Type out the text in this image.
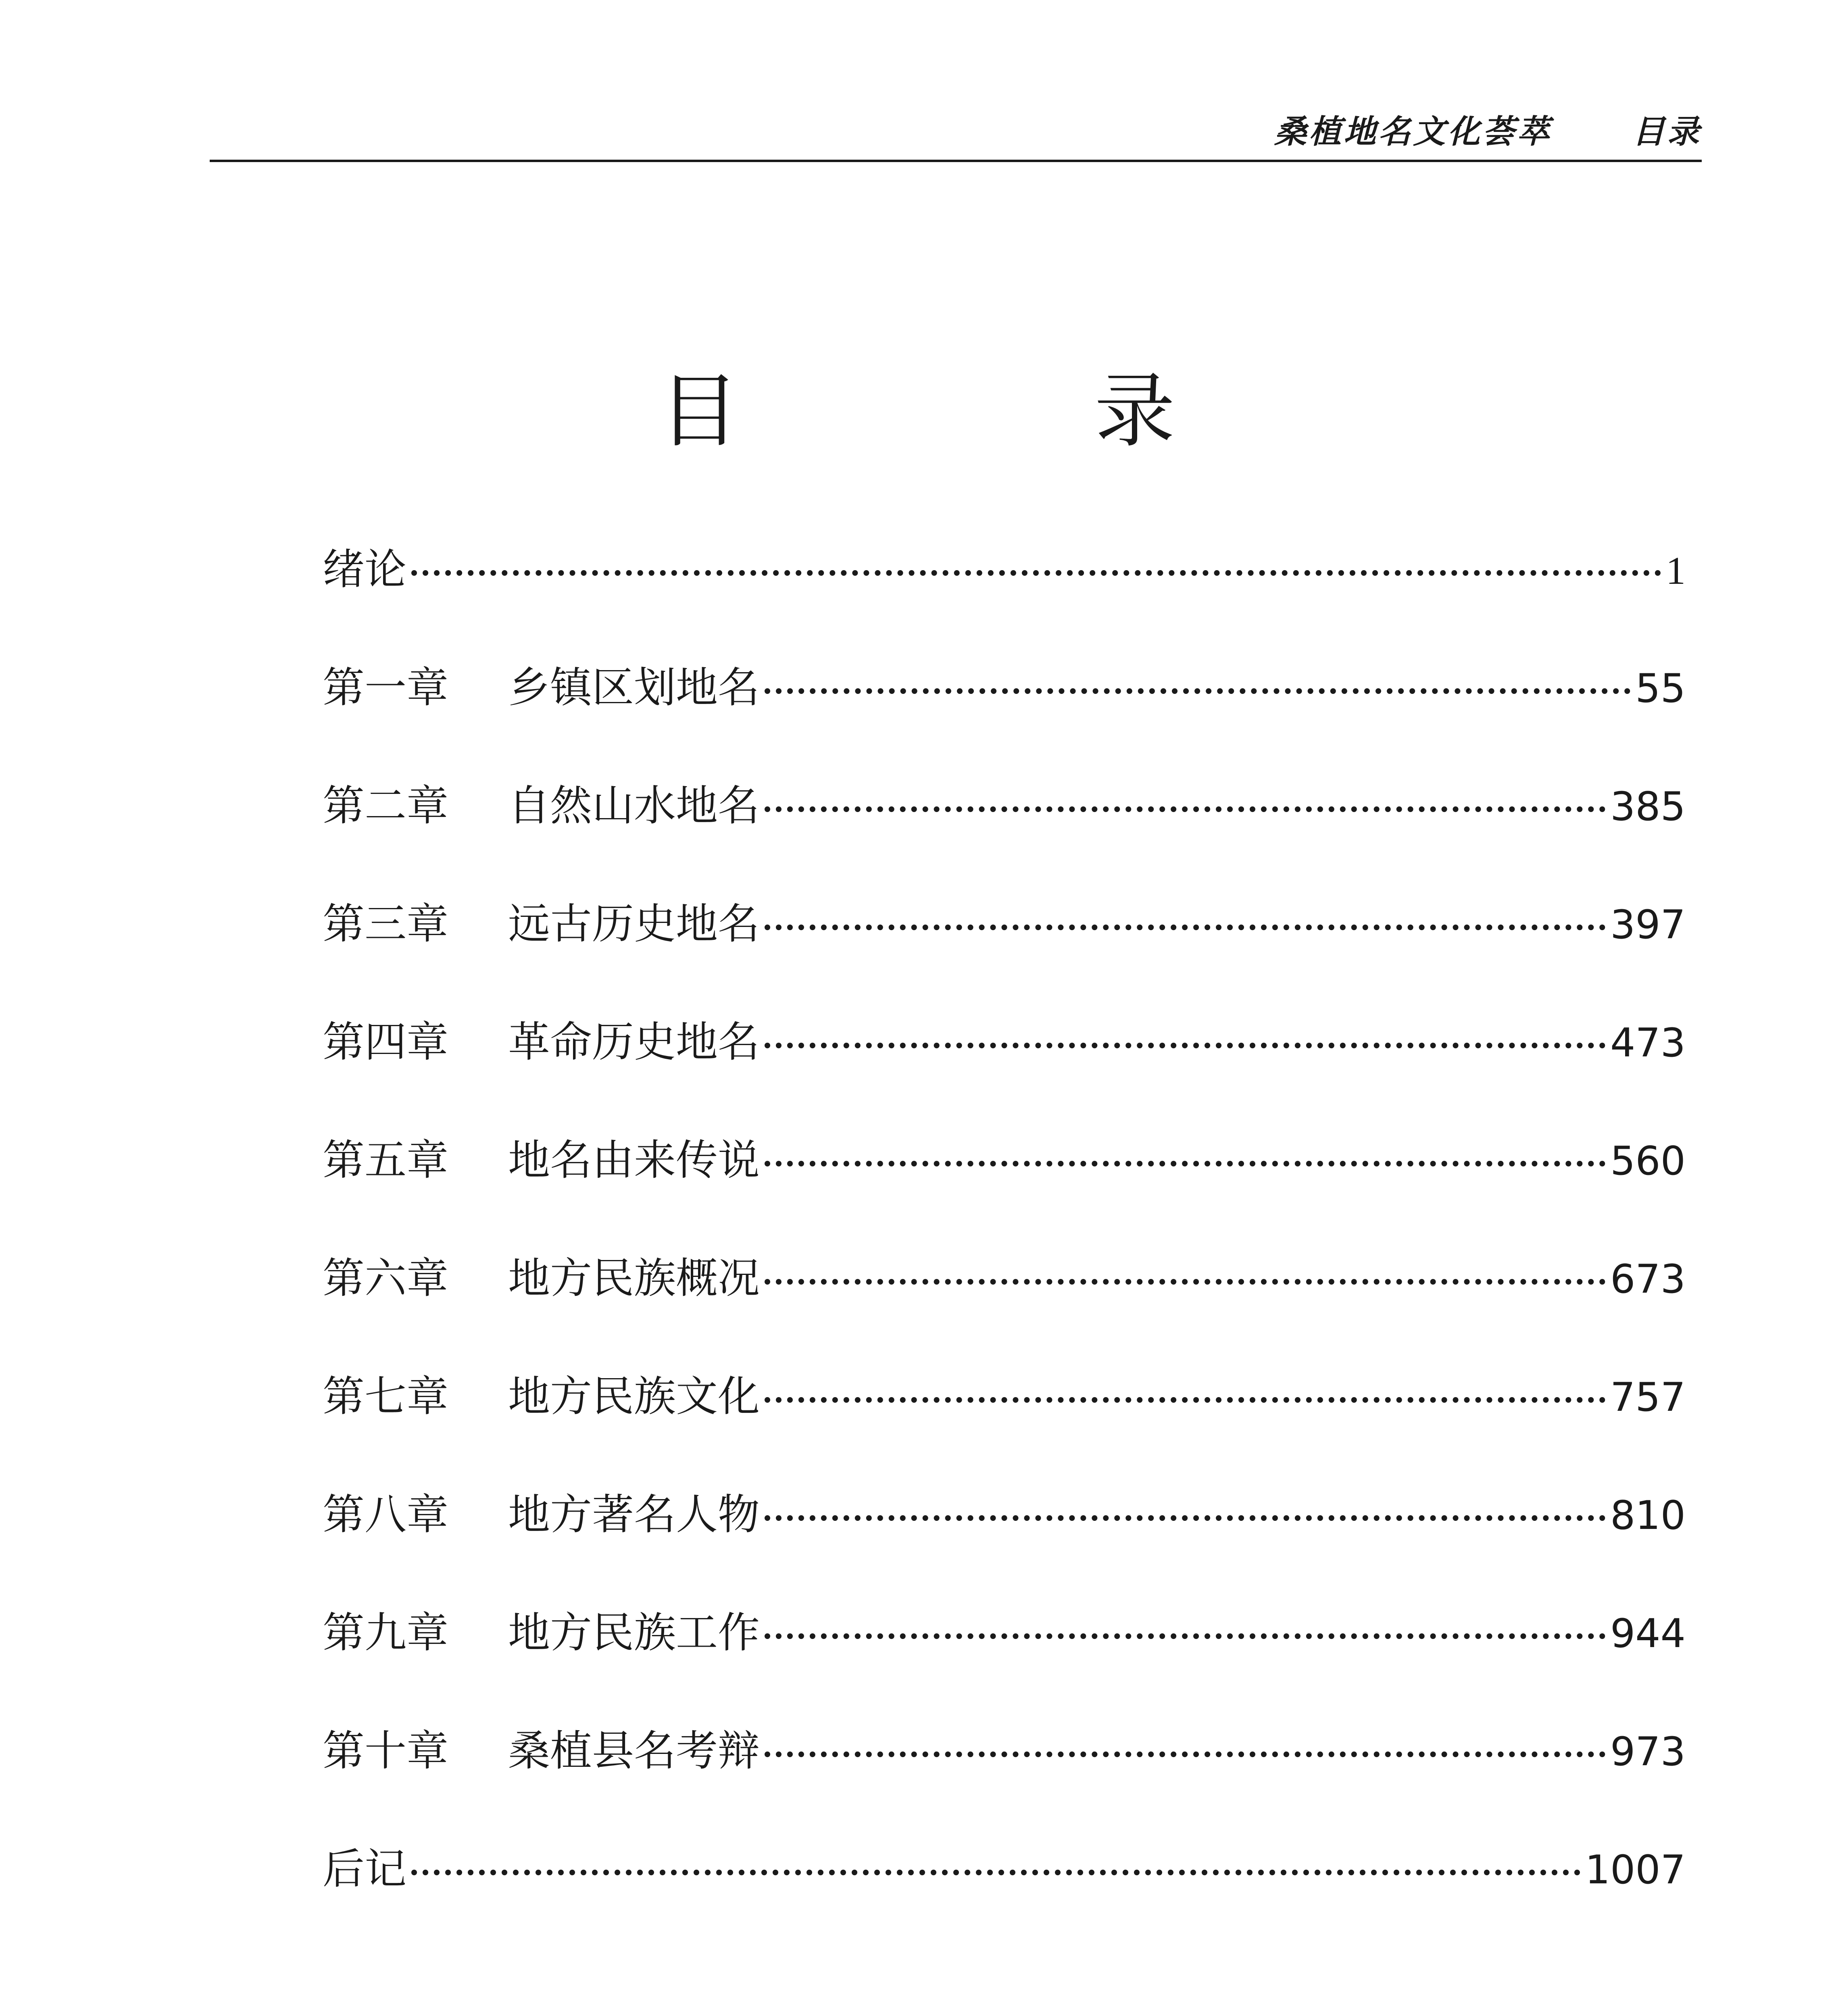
桑植地名文化荟萃	目录
目　录
绪论	1
第一章 乡镇区划地名	55
第二章 自然山水地名	385
第三章 远古历史地名	397
第四章 革命历史地名	473
第五章 地名由来传说	560
第六章 地方民族概况	673
第七章 地方民族文化	757
第八章 地方著名人物	810
第九章 地方民族工作	944
第十章 桑植县名考辩	973
后记	1007
